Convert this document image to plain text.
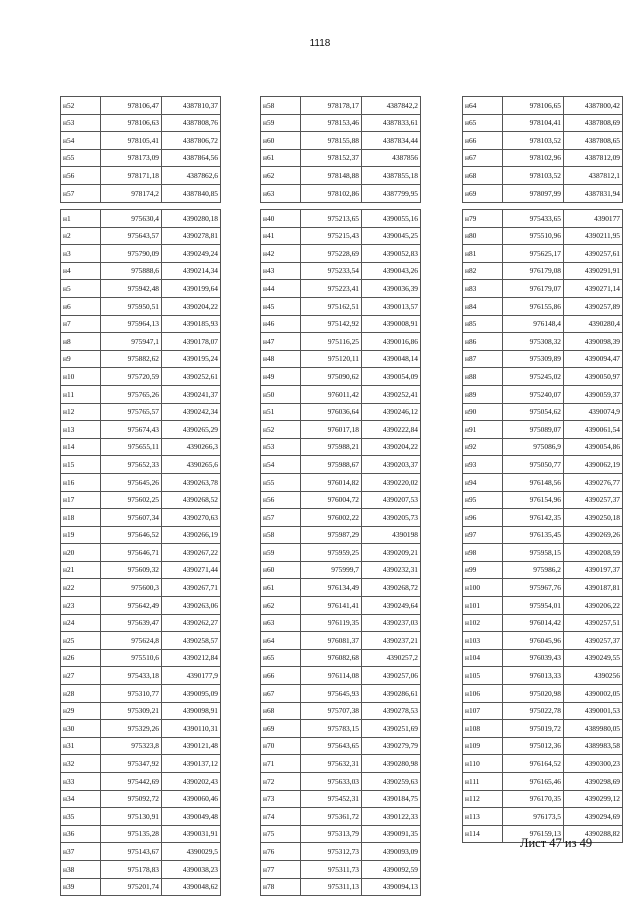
1118
н52	978106,47	4387810,37
н53	978106,63	4387808,76
н54	978105,41	4387806,72
н55	978173,09	4387864,56
н56	978171,18	4387862,6
н57	978174,2	4387840,85
н58	978178,17	4387842,2
н59	978153,46	4387833,61
н60	978155,88	4387834,44
н61	978152,37	4387856
н62	978148,88	4387855,18
н63	978102,86	4387799,95
н64	978106,65	4387800,42
н65	978104,41	4387808,69
н66	978103,52	4387808,65
н67	978102,96	4387812,09
н68	978103,52	4387812,1
н69	978097,99	4387831,94
н1	975630,4	4390280,18
н2	975643,57	4390278,81
н3	975790,09	4390249,24
н4	975888,6	4390214,34
н5	975942,48	4390199,64
н6	975950,51	4390204,22
н7	975964,13	4390185,93
н8	975947,1	4390178,07
н9	975882,62	4390195,24
н10	975720,59	4390252,61
н11	975765,26	4390241,37
н12	975765,57	4390242,34
н13	975674,43	4390265,29
н14	975655,11	4390266,3
н15	975652,33	4390265,6
н16	975645,26	4390263,78
н17	975602,25	4390268,52
н18	975607,34	4390270,63
н19	975646,52	4390266,19
н20	975646,71	4390267,22
н21	975609,32	4390271,44
н22	975600,3	4390267,71
н23	975642,49	4390263,06
н24	975639,47	4390262,27
н25	975624,8	4390258,57
н26	975510,6	4390212,84
н27	975433,18	4390177,9
н28	975310,77	4390095,09
н29	975309,21	4390098,91
н30	975329,26	4390110,31
н31	975323,8	4390121,48
н32	975347,92	4390137,12
н33	975442,69	4390202,43
н34	975092,72	4390060,46
н35	975130,91	4390049,48
н36	975135,28	4390031,91
н37	975143,67	4390029,5
н38	975178,83	4390038,23
н39	975201,74	4390048,62
н40	975213,65	4390055,16
н41	975215,43	4390045,25
н42	975228,69	4390052,83
н43	975233,54	4390043,26
н44	975223,41	4390036,39
н45	975162,51	4390013,57
н46	975142,92	4390008,91
н47	975116,25	4390016,86
н48	975120,11	4390048,14
н49	975090,62	4390054,09
н50	976011,42	4390252,41
н51	976036,64	4390246,12
н52	976017,18	4390222,84
н53	975988,21	4390204,22
н54	975988,67	4390203,37
н55	976014,82	4390220,02
н56	976004,72	4390207,53
н57	976002,22	4390205,73
н58	975987,29	4390198
н59	975959,25	4390209,21
н60	975999,7	4390232,31
н61	976134,49	4390268,72
н62	976141,41	4390249,64
н63	976119,35	4390237,03
н64	976081,37	4390237,21
н65	976082,68	4390257,2
н66	976114,08	4390257,06
н67	975645,93	4390286,61
н68	975707,38	4390278,53
н69	975783,15	4390251,69
н70	975643,65	4390279,79
н71	975632,31	4390280,98
н72	975633,03	4390259,63
н73	975452,31	4390184,75
н74	975361,72	4390122,33
н75	975313,79	4390091,35
н76	975312,73	4390093,09
н77	975311,73	4390092,59
н78	975311,13	4390094,13
н79	975433,65	4390177
н80	975510,96	4390211,95
н81	975625,17	4390257,61
н82	976179,08	4390291,91
н83	976179,07	4390271,14
н84	976155,86	4390257,89
н85	976148,4	4390280,4
н86	975308,32	4390098,39
н87	975309,89	4390094,47
н88	975245,02	4390050,97
н89	975240,07	4390059,37
н90	975054,62	4390074,9
н91	975089,07	4390061,54
н92	975086,9	4390054,86
н93	975050,77	4390062,19
н94	976148,56	4390276,77
н95	976154,96	4390257,37
н96	976142,35	4390250,18
н97	976135,45	4390269,26
н98	975958,15	4390208,59
н99	975986,2	4390197,37
н100	975967,76	4390187,81
н101	975954,01	4390206,22
н102	976014,42	4390257,51
н103	976045,96	4390257,37
н104	976039,43	4390249,55
н105	976013,33	4390256
н106	975020,98	4390002,05
н107	975022,78	4390001,53
н108	975019,72	4389980,05
н109	975012,36	4389983,58
н110	976164,52	4390300,23
н111	976165,46	4390298,69
н112	976170,35	4390299,12
н113	976173,5	4390294,69
н114	976159,13	4390288,82
Лист 47 из 49
